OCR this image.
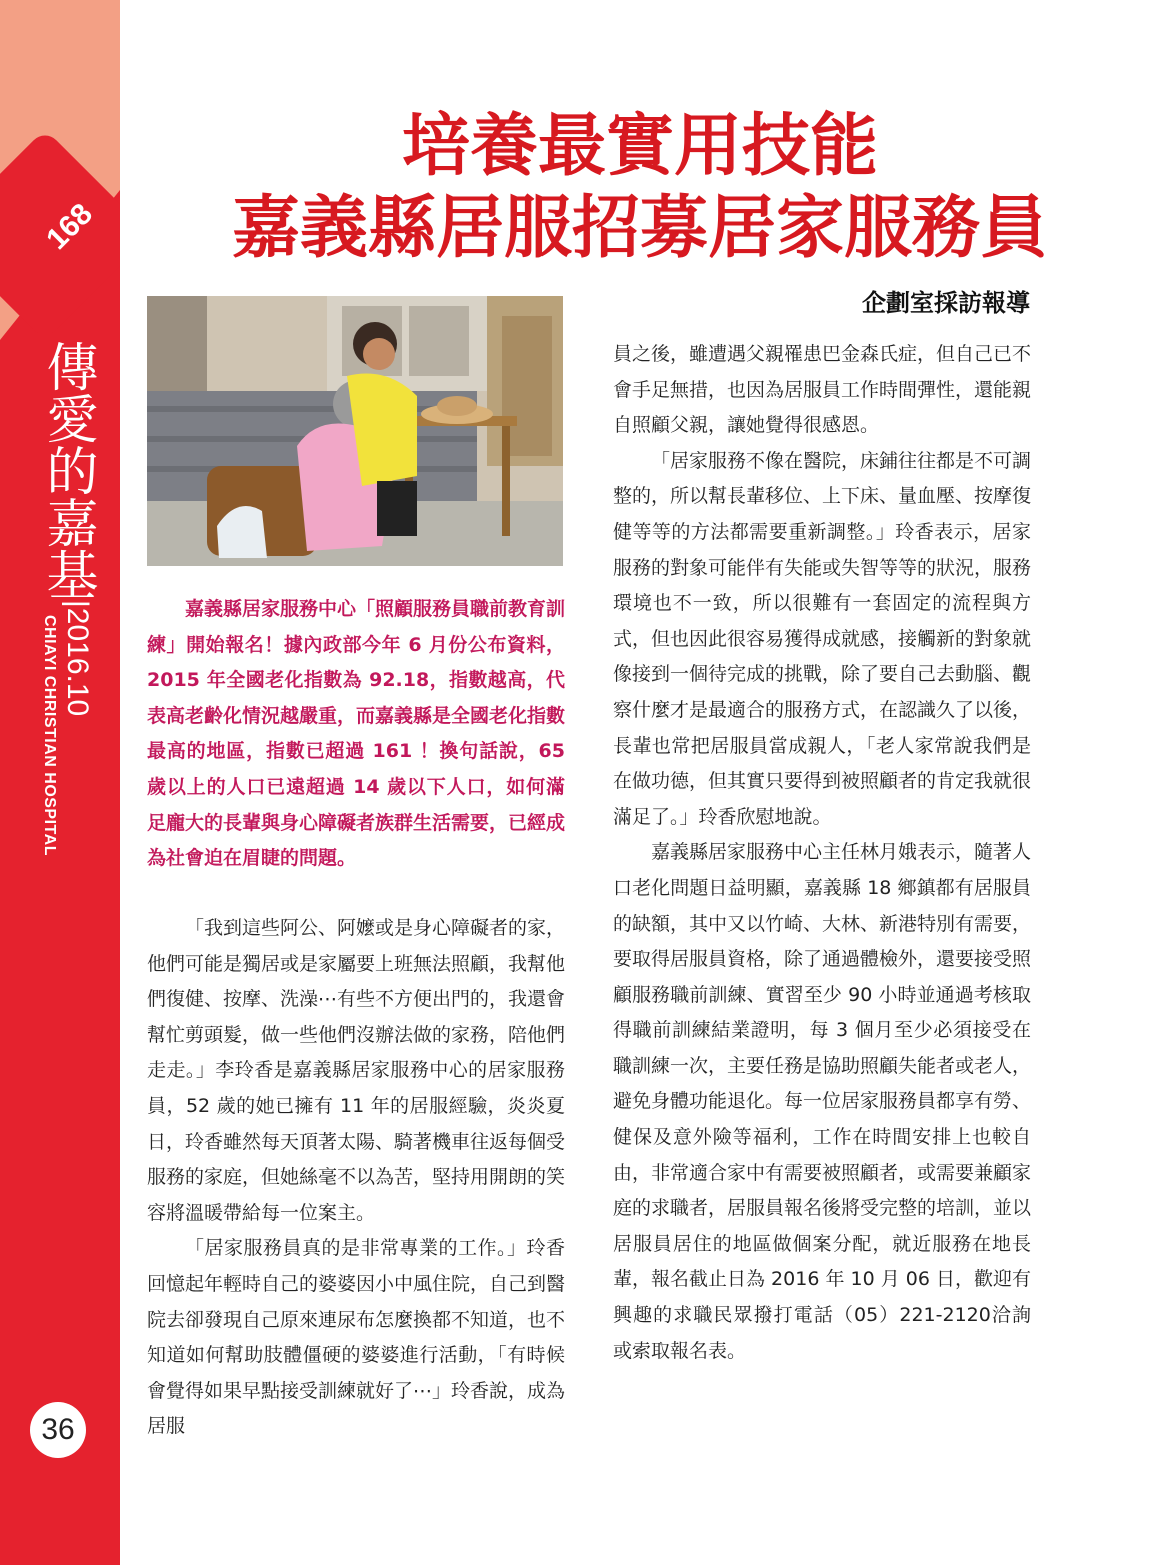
168
傳愛的嘉基
|2016.10
CHIAYI CHRISTIAN HOSPITAL
36
培養最實用技能
嘉義縣居服招募居家服務員
企劃室採訪報導

嘉義縣居家服務中心「照顧服務員職前教育訓練」開始報名！據內政部今年 6 月份公布資料，2015 年全國老化指數為 92.18，指數越高，代表高老齡化情況越嚴重，而嘉義縣是全國老化指數最高的地區，指數已超過 161 ！換句話說，65 歲以上的人口已遠超過 14 歲以下人口，如何滿足龐大的長輩與身心障礙者族群生活需要，已經成為社會迫在眉睫的問題。

「我到這些阿公、阿嬤或是身心障礙者的家，他們可能是獨居或是家屬要上班無法照顧，我幫他們復健、按摩、洗澡⋯有些不方便出門的，我還會幫忙剪頭髮，做一些他們沒辦法做的家務，陪他們走走。」李玲香是嘉義縣居家服務中心的居家服務員，52 歲的她已擁有 11 年的居服經驗，炎炎夏日，玲香雖然每天頂著太陽、騎著機車往返每個受服務的家庭，但她絲毫不以為苦，堅持用開朗的笑容將溫暖帶給每一位案主。

「居家服務員真的是非常專業的工作。」玲香回憶起年輕時自己的婆婆因小中風住院，自己到醫院去卻發現自己原來連尿布怎麼換都不知道，也不知道如何幫助肢體僵硬的婆婆進行活動，「有時候會覺得如果早點接受訓練就好了⋯」玲香說，成為居服

員之後，雖遭遇父親罹患巴金森氏症，但自己已不會手足無措，也因為居服員工作時間彈性，還能親自照顧父親，讓她覺得很感恩。

「居家服務不像在醫院，床鋪往往都是不可調整的，所以幫長輩移位、上下床、量血壓、按摩復健等等的方法都需要重新調整。」玲香表示，居家服務的對象可能伴有失能或失智等等的狀況，服務環境也不一致，所以很難有一套固定的流程與方式，但也因此很容易獲得成就感，接觸新的對象就像接到一個待完成的挑戰，除了要自己去動腦、觀察什麼才是最適合的服務方式，在認識久了以後，長輩也常把居服員當成親人，「老人家常說我們是在做功德，但其實只要得到被照顧者的肯定我就很滿足了。」玲香欣慰地說。

嘉義縣居家服務中心主任林月娥表示，隨著人口老化問題日益明顯，嘉義縣 18 鄉鎮都有居服員的缺額，其中又以竹崎、大林、新港特別有需要，要取得居服員資格，除了通過體檢外，還要接受照顧服務職前訓練、實習至少 90 小時並通過考核取得職前訓練結業證明，每 3 個月至少必須接受在職訓練一次，主要任務是協助照顧失能者或老人，避免身體功能退化。每一位居家服務員都享有勞、健保及意外險等福利，工作在時間安排上也較自由，非常適合家中有需要被照顧者，或需要兼顧家庭的求職者，居服員報名後將受完整的培訓，並以居服員居住的地區做個案分配，就近服務在地長輩，報名截止日為 2016 年 10 月 06 日，歡迎有興趣的求職民眾撥打電話（05）221-2120洽詢或索取報名表。
